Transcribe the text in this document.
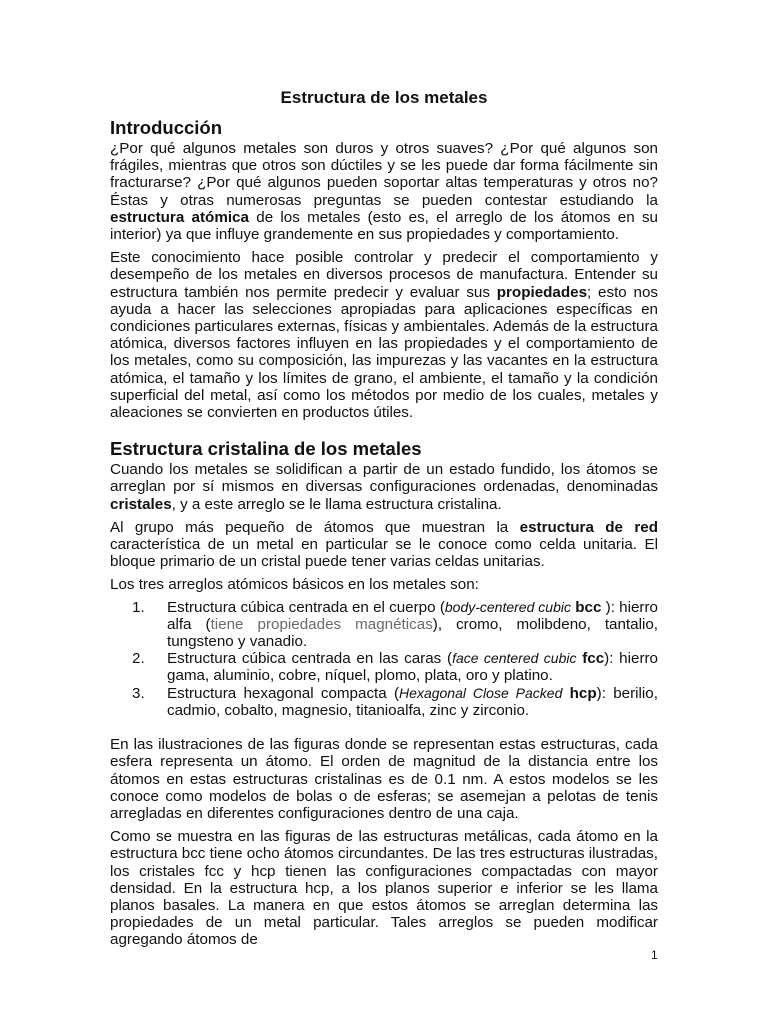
Estructura de los metales
Introducción

¿Por qué algunos metales son duros y otros suaves? ¿Por qué algunos son frágiles, mientras que otros son dúctiles y se les puede dar forma fácilmente sin fracturarse? ¿Por qué algunos pueden soportar altas temperaturas y otros no? Éstas y otras numerosas preguntas se pueden contestar estudiando la estructura atómica de los metales (esto es, el arreglo de los átomos en su interior) ya que influye grandemente en sus propiedades y comportamiento.

Este conocimiento hace posible controlar y predecir el comportamiento y desempeño de los metales en diversos procesos de manufactura. Entender su estructura también nos permite predecir y evaluar sus propiedades; esto nos ayuda a hacer las selecciones apropiadas para aplicaciones específicas en condiciones particulares externas, físicas y ambientales. Además de la estructura atómica, diversos factores influyen en las propiedades y el comportamiento de los metales, como su composición, las impurezas y las vacantes en la estructura atómica, el tamaño y los límites de grano, el ambiente, el tamaño y la condición superficial del metal, así como los métodos por medio de los cuales, metales y aleaciones se convierten en productos útiles.

Estructura cristalina de los metales

Cuando los metales se solidifican a partir de un estado fundido, los átomos se arreglan por sí mismos en diversas configuraciones ordenadas, denominadas cristales, y a este arreglo se le llama estructura cristalina.

Al grupo más pequeño de átomos que muestran la estructura de red característica de un metal en particular se le conoce como celda unitaria. El bloque primario de un cristal puede tener varias celdas unitarias.

Los tres arreglos atómicos básicos en los metales son:

1. Estructura cúbica centrada en el cuerpo (body-centered cubic bcc ): hierro alfa (tiene propiedades magnéticas), cromo, molibdeno, tantalio, tungsteno y vanadio.
2. Estructura cúbica centrada en las caras (face centered cubic fcc): hierro gama, aluminio, cobre, níquel, plomo, plata, oro y platino.
3. Estructura hexagonal compacta (Hexagonal Close Packed hcp): berilio, cadmio, cobalto, magnesio, titanioalfa, zinc y zirconio.

En las ilustraciones de las figuras donde se representan estas estructuras, cada esfera representa un átomo. El orden de magnitud de la distancia entre los átomos en estas estructuras cristalinas es de 0.1 nm. A estos modelos se les conoce como modelos de bolas o de esferas; se asemejan a pelotas de tenis arregladas en diferentes configuraciones dentro de una caja.

Como se muestra en las figuras de las estructuras metálicas, cada átomo en la estructura bcc tiene ocho átomos circundantes. De las tres estructuras ilustradas, los cristales fcc y hcp tienen las configuraciones compactadas con mayor densidad. En la estructura hcp, a los planos superior e inferior se les llama planos basales. La manera en que estos átomos se arreglan determina las propiedades de un metal particular. Tales arreglos se pueden modificar agregando átomos de

1
